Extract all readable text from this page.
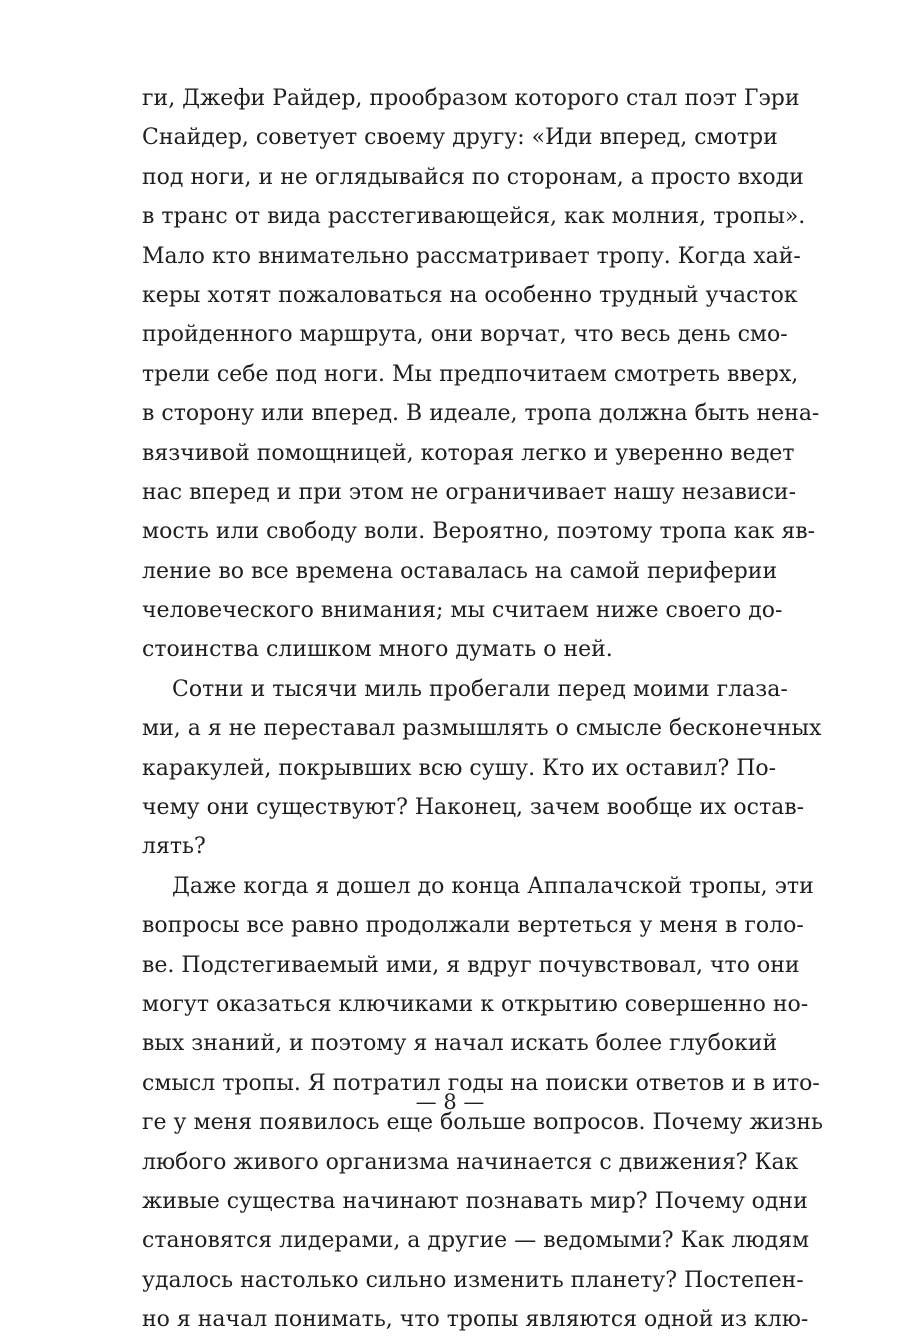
ги, Джефи Райдер, прообразом которого стал поэт Гэри
Снайдер, советует своему другу: «Иди вперед, смотри
под ноги, и не оглядывайся по сторонам, а просто входи
в транс от вида расстегивающейся, как молния, тропы».
Мало кто внимательно рассматривает тропу. Когда хай-
керы хотят пожаловаться на особенно трудный участок
пройденного маршрута, они ворчат, что весь день смо-
трели себе под ноги. Мы предпочитаем смотреть вверх,
в сторону или вперед. В идеале, тропа должна быть нена-
вязчивой помощницей, которая легко и уверенно ведет
нас вперед и при этом не ограничивает нашу независи-
мость или свободу воли. Вероятно, поэтому тропа как яв-
ление во все времена оставалась на самой периферии
человеческого внимания; мы считаем ниже своего до-
стоинства слишком много думать о ней.
Сотни и тысячи миль пробегали перед моими глаза-
ми, а я не переставал размышлять о смысле бесконечных
каракулей, покрывших всю сушу. Кто их оставил? По-
чему они существуют? Наконец, зачем вообще их остав-
лять?
Даже когда я дошел до конца Аппалачской тропы, эти
вопросы все равно продолжали вертеться у меня в голо-
ве. Подстегиваемый ими, я вдруг почувствовал, что они
могут оказаться ключиками к открытию совершенно но-
вых знаний, и поэтому я начал искать более глубокий
смысл тропы. Я потратил годы на поиски ответов и в ито-
ге у меня появилось еще больше вопросов. Почему жизнь
любого живого организма начинается с движения? Как
живые существа начинают познавать мир? Почему одни
становятся лидерами, а другие — ведомыми? Как людям
удалось настолько сильно изменить планету? Постепен-
но я начал понимать, что тропы являются одной из клю-
— 8 —
